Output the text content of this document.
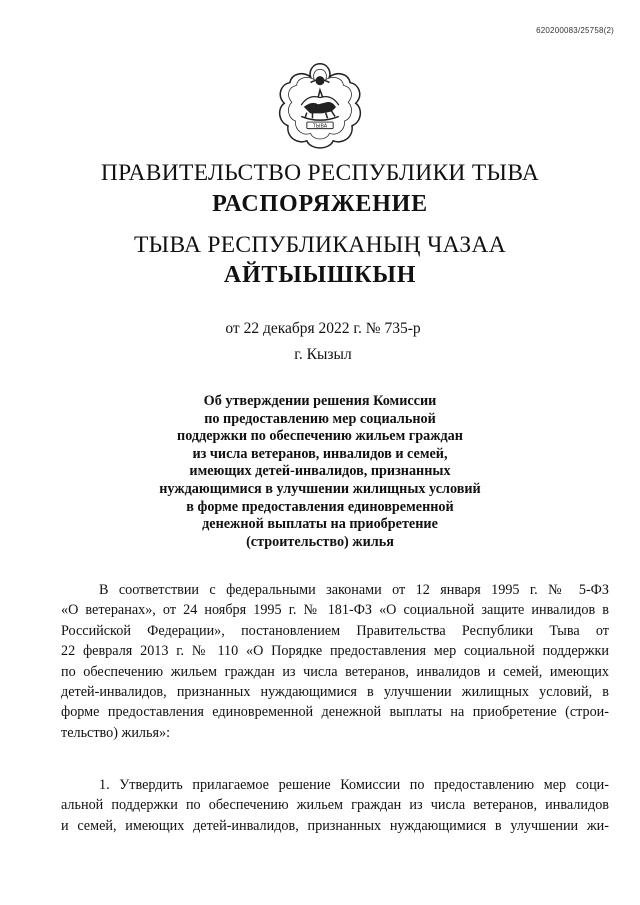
620200083/25758(2)
ТЫВА
ПРАВИТЕЛЬСТВО РЕСПУБЛИКИ ТЫВА
РАСПОРЯЖЕНИЕ
ТЫВА РЕСПУБЛИКАНЫҢ ЧАЗАА
АЙТЫЫШКЫН
от 22 декабря 2022 г. № 735-р
г. Кызыл
Об утверждении решения Комиссии
по предоставлению мер социальной
поддержки по обеспечению жильем граждан
из числа ветеранов, инвалидов и семей,
имеющих детей-инвалидов, признанных
нуждающимися в улучшении жилищных условий
в форме предоставления единовременной
денежной выплаты на приобретение
(строительство) жилья
В соответствии с федеральными законами от 12 января 1995 г. № 5-ФЗ
«О ветеранах», от 24 ноября 1995 г. № 181-ФЗ «О социальной защите инвалидов в
Российской Федерации», постановлением Правительства Республики Тыва от
22 февраля 2013 г. № 110 «О Порядке предоставления мер социальной поддержки
по обеспечению жильем граждан из числа ветеранов, инвалидов и семей, имеющих
детей-инвалидов, признанных нуждающимися в улучшении жилищных условий, в
форме предоставления единовременной денежной выплаты на приобретение (строи-
тельство) жилья»:
1. Утвердить прилагаемое решение Комиссии по предоставлению мер соци-
альной поддержки по обеспечению жильем граждан из числа ветеранов, инвалидов
и семей, имеющих детей-инвалидов, признанных нуждающимися в улучшении жи-
